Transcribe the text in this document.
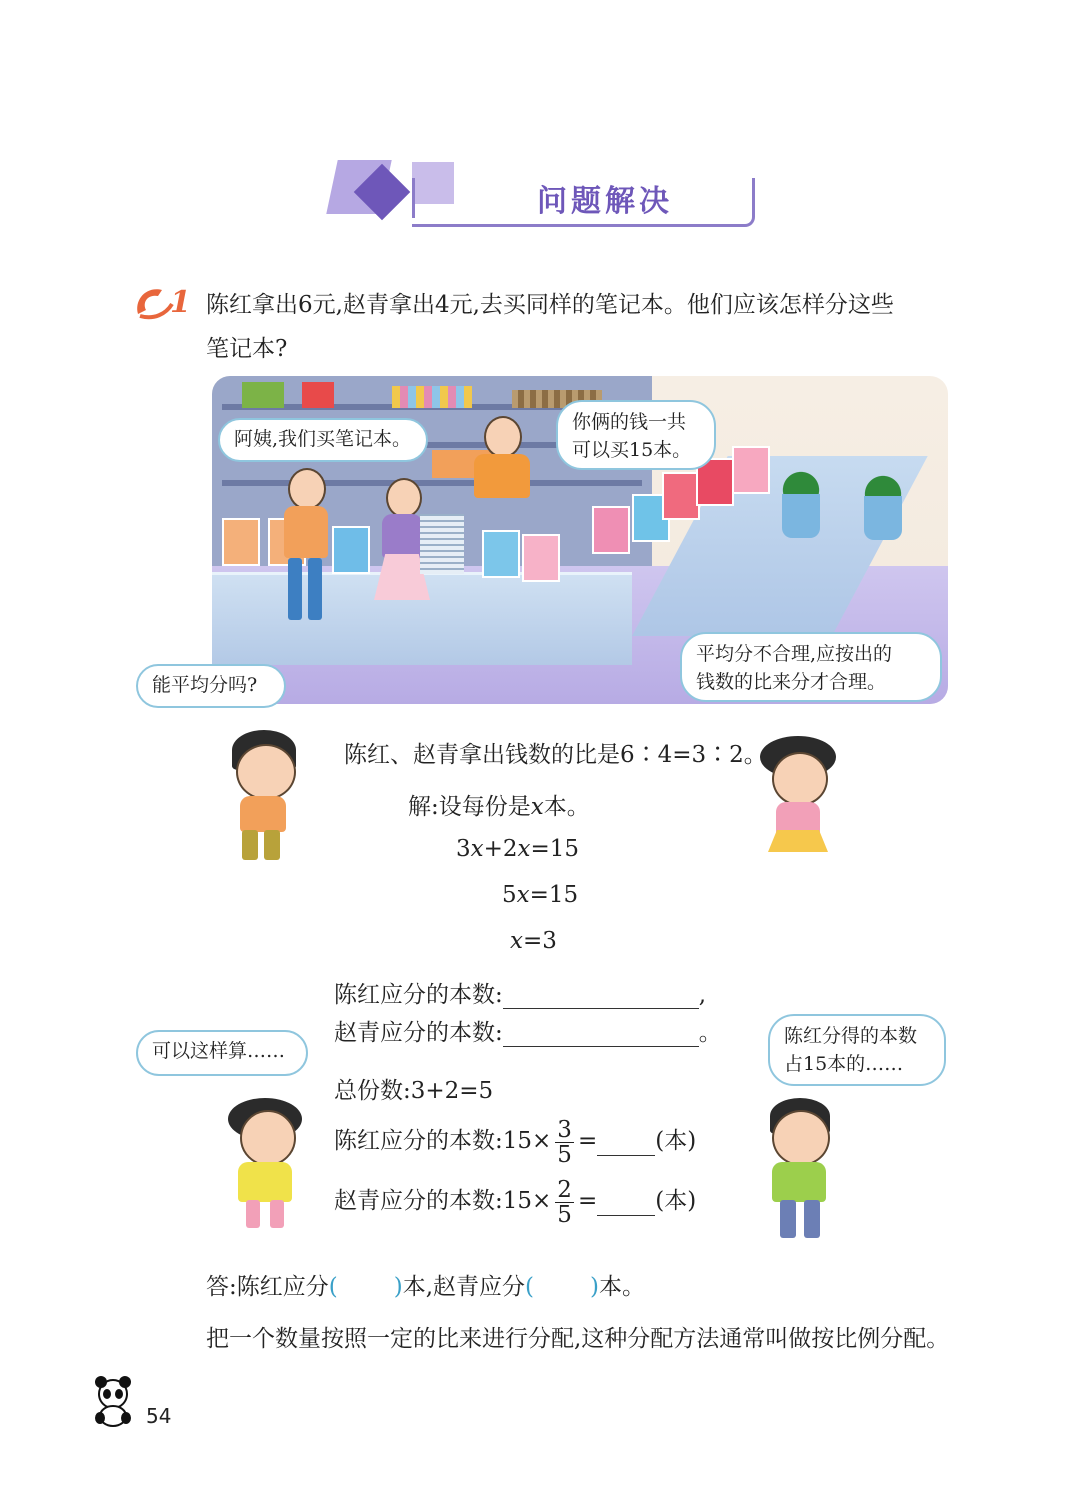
问题解决
1 陈红拿出6元,赵青拿出4元,去买同样的笔记本。他们应该怎样分这些
笔记本?
阿姨,我们买笔记本。
你俩的钱一共
可以买15本。
平均分不合理,应按出的
钱数的比来分才合理。
能平均分吗?
陈红、赵青拿出钱数的比是6∶4=3∶2。
解:设每份是x本。
3x+2x=15
5x=15
x=3
陈红应分的本数:	,
赵青应分的本数:	。
可以这样算……
陈红分得的本数
占15本的……
总份数:3+2=5
陈红应分的本数:15× $\frac{3}{5}$ =	(本)
赵青应分的本数:15× $\frac{2}{5}$ =	(本)
答:陈红应分( )本,赵青应分( )本。
把一个数量按照一定的比来进行分配,这种分配方法通常叫做按比例分配。
54
